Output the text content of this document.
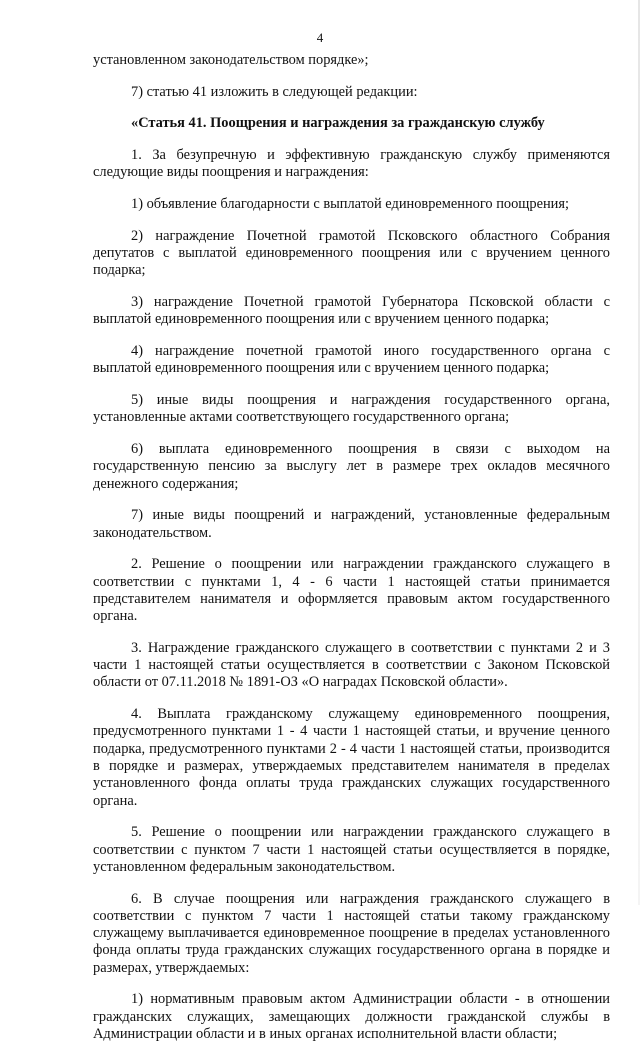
4

установленном законодательством порядке»;

7) статью 41 изложить в следующей редакции:

«Статья 41. Поощрения и награждения за гражданскую службу

1. За безупречную и эффективную гражданскую службу применяются следующие виды поощрения и награждения:

1) объявление благодарности с выплатой единовременного поощрения;

2) награждение Почетной грамотой Псковского областного Собрания депутатов с выплатой единовременного поощрения или с вручением ценного подарка;

3) награждение Почетной грамотой Губернатора Псковской области с выплатой единовременного поощрения или с вручением ценного подарка;

4) награждение почетной грамотой иного государственного органа с выплатой единовременного поощрения или с вручением ценного подарка;

5) иные виды поощрения и награждения государственного органа, установленные актами соответствующего государственного органа;

6) выплата единовременного поощрения в связи с выходом на государственную пенсию за выслугу лет в размере трех окладов месячного денежного содержания;

7) иные виды поощрений и награждений, установленные федеральным законодательством.

2. Решение о поощрении или награждении гражданского служащего в соответствии с пунктами 1, 4 - 6 части 1 настоящей статьи принимается представителем нанимателя и оформляется правовым актом государственного органа.

3. Награждение гражданского служащего в соответствии с пунктами 2 и 3 части 1 настоящей статьи осуществляется в соответствии с Законом Псковской области от 07.11.2018 № 1891-ОЗ «О наградах Псковской области».

4. Выплата гражданскому служащему единовременного поощрения, предусмотренного пунктами 1 - 4 части 1 настоящей статьи, и вручение ценного подарка, предусмотренного пунктами 2 - 4 части 1 настоящей статьи, производится в порядке и размерах, утверждаемых представителем нанимателя в пределах установленного фонда оплаты труда гражданских служащих государственного органа.

5. Решение о поощрении или награждении гражданского служащего в соответствии с пунктом 7 части 1 настоящей статьи осуществляется в порядке, установленном федеральным законодательством.

6. В случае поощрения или награждения гражданского служащего в соответствии с пунктом 7 части 1 настоящей статьи такому гражданскому служащему выплачивается единовременное поощрение в пределах установленного фонда оплаты труда гражданских служащих государственного органа в порядке и размерах, утверждаемых:

1) нормативным правовым актом Администрации области - в отношении гражданских служащих, замещающих должности гражданской службы в Администрации области и в иных органах исполнительной власти области;
